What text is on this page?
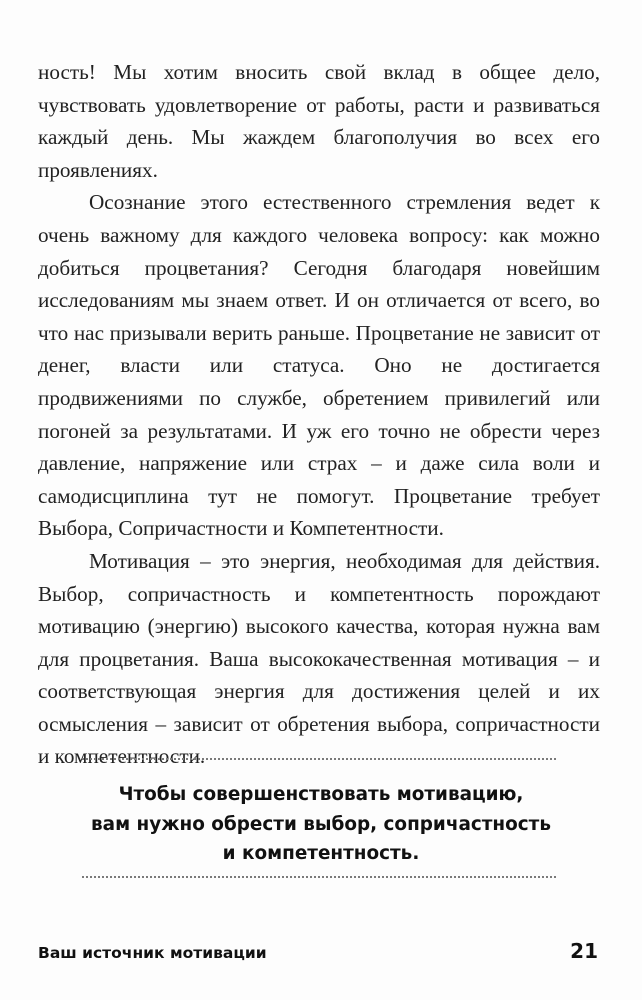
ность! Мы хотим вносить свой вклад в общее дело, чувствовать удовлетворение от работы, расти и развиваться каждый день. Мы жаждем благополучия во всех его проявлениях.

Осознание этого естественного стремления ведет к очень важному для каждого человека вопросу: как можно добиться процветания? Сегодня благодаря новейшим исследованиям мы знаем ответ. И он отличается от всего, во что нас призывали верить раньше. Процветание не зависит от денег, власти или статуса. Оно не достигается продвижениями по службе, обретением привилегий или погоней за результатами. И уж его точно не обрести через давление, напряжение или страх – и даже сила воли и самодисциплина тут не помогут. Процветание требует Выбора, Сопричастности и Компетентности.

Мотивация – это энергия, необходимая для действия. Выбор, сопричастность и компетентность порождают мотивацию (энергию) высокого качества, которая нужна вам для процветания. Ваша высококачественная мотивация – и соответствующая энергия для достижения целей и их осмысления – зависит от обретения выбора, сопричастности и компетентности.

Чтобы совершенствовать мотивацию,
вам нужно обрести выбор, сопричастность
и компетентность.
Ваш источник мотивации	21
